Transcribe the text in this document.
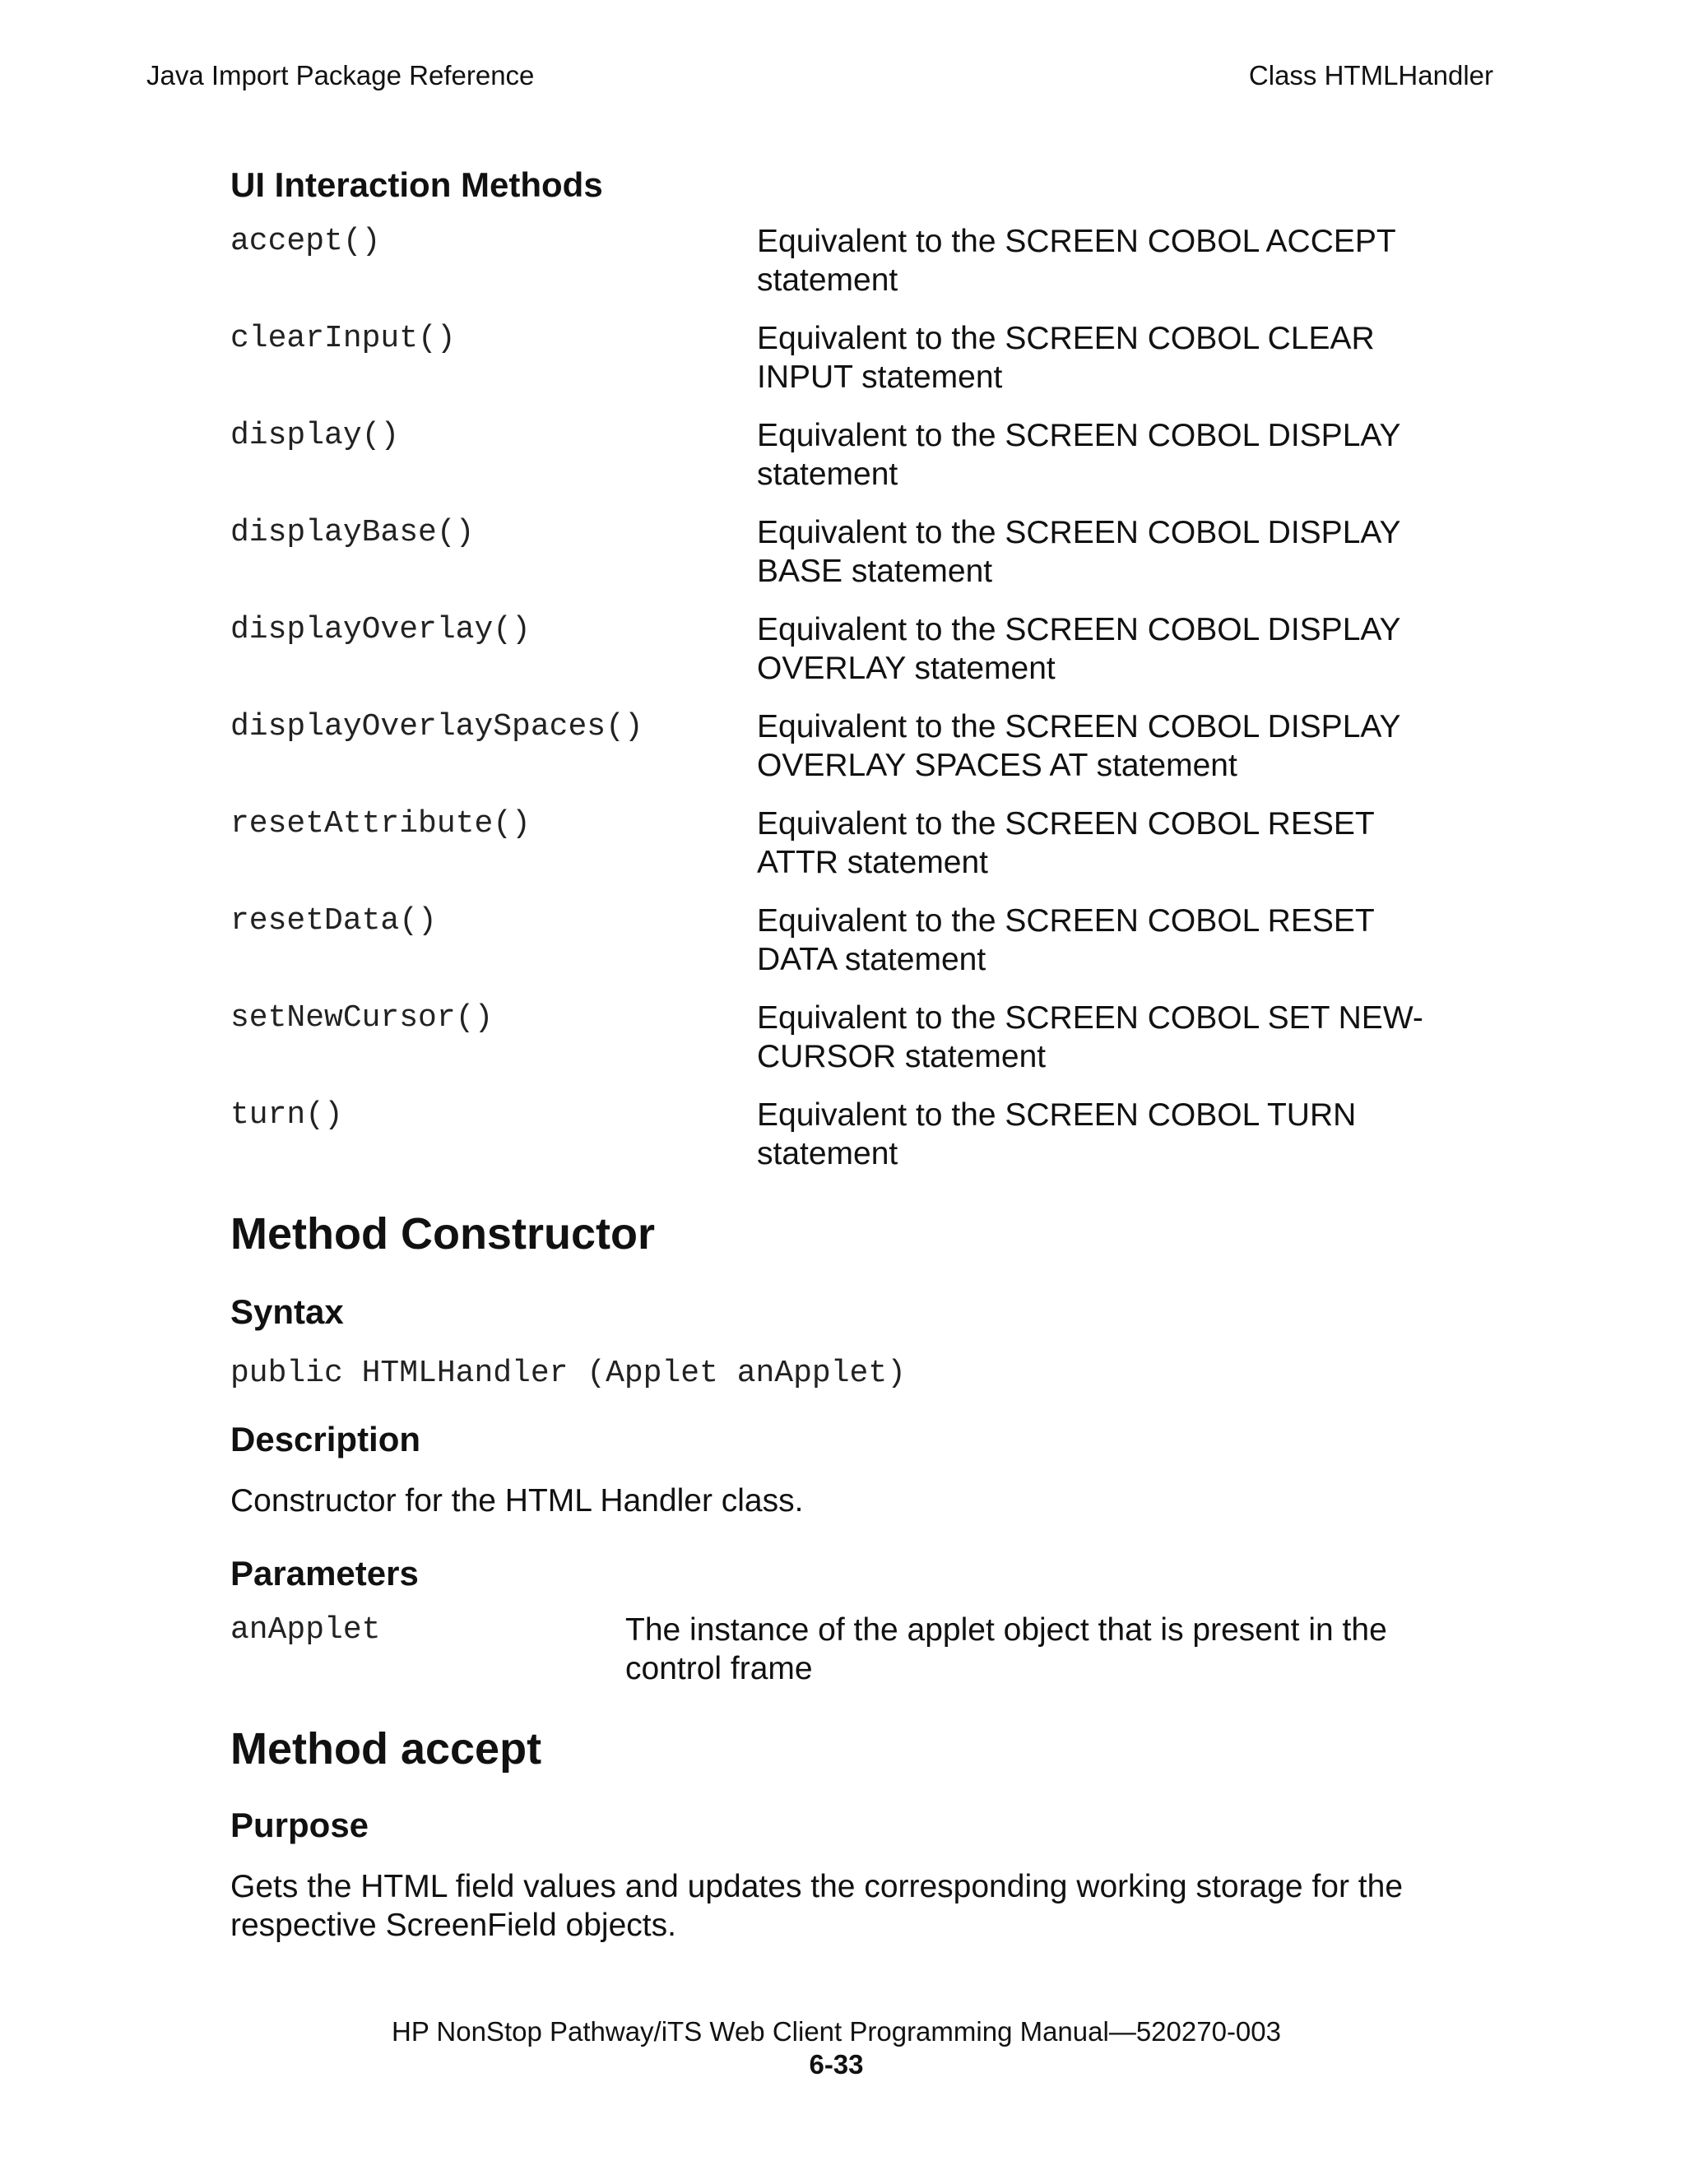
Java Import Package Reference	Class HTMLHandler
UI Interaction Methods
accept()	Equivalent to the SCREEN COBOL ACCEPT
statement
clearInput()	Equivalent to the SCREEN COBOL CLEAR
INPUT statement
display()	Equivalent to the SCREEN COBOL DISPLAY
statement
displayBase()	Equivalent to the SCREEN COBOL DISPLAY
BASE statement
displayOverlay()	Equivalent to the SCREEN COBOL DISPLAY
OVERLAY statement
displayOverlaySpaces()	Equivalent to the SCREEN COBOL DISPLAY
OVERLAY SPACES AT statement
resetAttribute()	Equivalent to the SCREEN COBOL RESET
ATTR statement
resetData()	Equivalent to the SCREEN COBOL RESET
DATA statement
setNewCursor()	Equivalent to the SCREEN COBOL SET NEW-
CURSOR statement
turn()	Equivalent to the SCREEN COBOL TURN
statement
Method Constructor
Syntax
public HTMLHandler (Applet anApplet)
Description
Constructor for the HTML Handler class.
Parameters
anApplet	The instance of the applet object that is present in the
control frame
Method accept
Purpose
Gets the HTML field values and updates the corresponding working storage for the
respective ScreenField objects.
HP NonStop Pathway/iTS Web Client Programming Manual—520270-003
6-33
